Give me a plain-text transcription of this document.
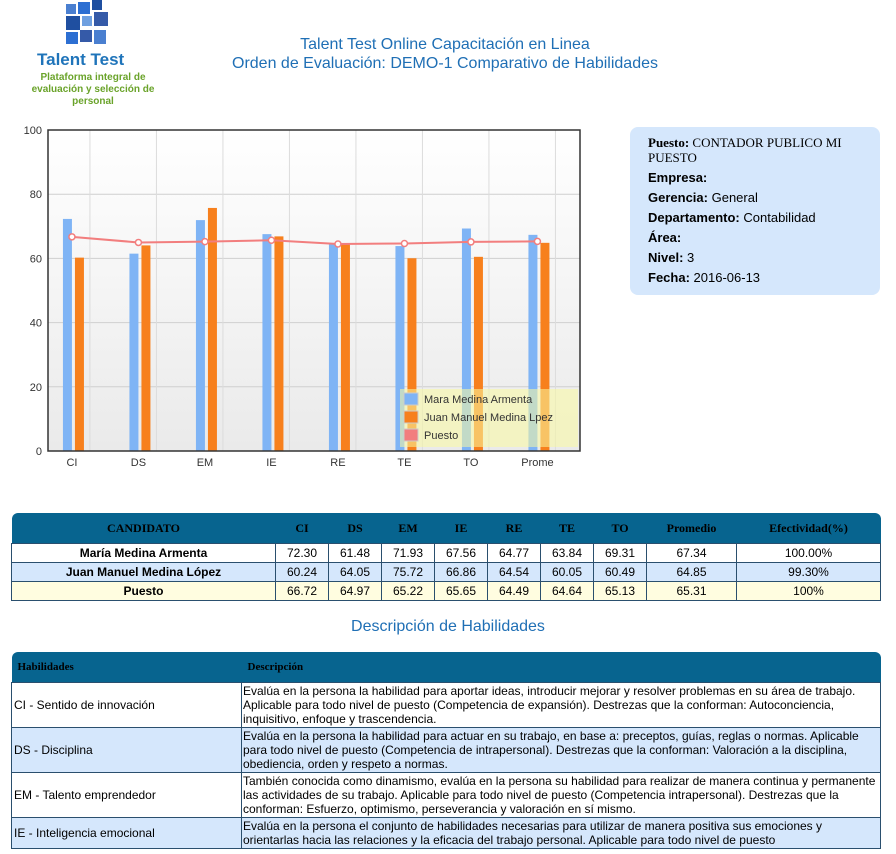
Talent Test
Plataforma integral de evaluación y selección de personal
Talent Test Online Capacitación en Linea
Orden de Evaluación: DEMO-1 Comparativo de Habilidades
0
20
40
60
80
100
CI	DS	EM	IE	RE	TE	TO	Prome
Mara Medina Armenta
Juan Manuel Medina Lpez
Puesto
Puesto: CONTADOR PUBLICO MI PUESTO
Empresa:
Gerencia: General
Departamento: Contabilidad
Área:
Nivel: 3
Fecha: 2016-06-13
CANDIDATO	CI	DS	EM	IE	RE	TE	TO	Promedio	Efectividad(%)
María Medina Armenta	72.30	61.48	71.93	67.56	64.77	63.84	69.31	67.34	100.00%
Juan Manuel Medina López	60.24	64.05	75.72	66.86	64.54	60.05	60.49	64.85	99.30%
Puesto	66.72	64.97	65.22	65.65	64.49	64.64	65.13	65.31	100%
Descripción de Habilidades
Habilidades	Descripción
CI - Sentido de innovación	Evalúa en la persona la habilidad para aportar ideas, introducir mejorar y resolver problemas en su área de trabajo. Aplicable para todo nivel de puesto (Competencia de expansión). Destrezas que la conforman: Autoconciencia, inquisitivo, enfoque y trascendencia.
DS - Disciplina	Evalúa en la persona la habilidad para actuar en su trabajo, en base a: preceptos, guías, reglas o normas. Aplicable para todo nivel de puesto (Competencia de intrapersonal). Destrezas que la conforman: Valoración a la disciplina, obediencia, orden y respeto a normas.
EM - Talento emprendedor	También conocida como dinamismo, evalúa en la persona su habilidad para realizar de manera continua y permanente las actividades de su trabajo. Aplicable para todo nivel de puesto (Competencia intrapersonal). Destrezas que la conforman: Esfuerzo, optimismo, perseverancia y valoración en sí mismo.
IE - Inteligencia emocional	Evalúa en la persona el conjunto de habilidades necesarias para utilizar de manera positiva sus emociones y orientarlas hacia las relaciones y la eficacia del trabajo personal. Aplicable para todo nivel de puesto
